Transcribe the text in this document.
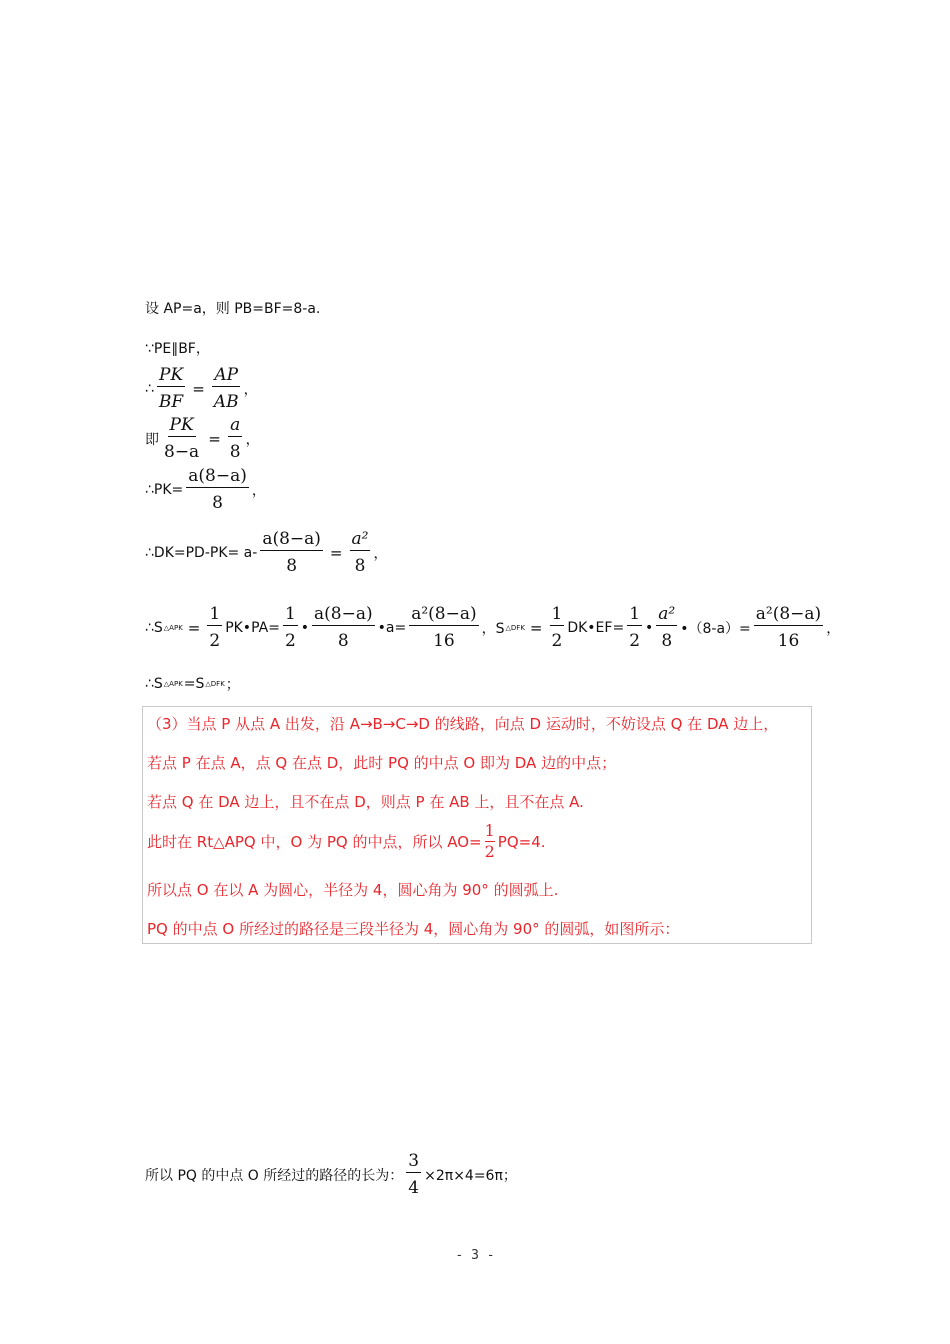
设 AP=a，则 PB=BF=8-a.
∵PE∥BF，
∴ $\frac{PK}{BF} = \frac{AP}{AB}$ ，
即 $\frac{PK}{8-a} = \frac{a}{8}$ ，
∴PK= $\frac{a(8-a)}{8}$ ，
∴DK=PD-PK= $a- \frac{a(8-a)}{8} = \frac{\text{a²}}{8}$ ，
∴S △APK = $\frac{1}{2}$ PK•PA= $\frac{1}{2}$ • $\frac{a(8-a)}{8}$ •a= $\frac{\text{a²(8−a)}}{16}$ ，S △DFK = $\frac{1}{2}$ DK•EF= $\frac{1}{2}$ • $\frac{\text{a²}}{8}$ •（8-a）= $\frac{\text{a²(8−a)}}{16}$ ，
∴S △APK =S △DFK ；
（3）当点 P 从点 A 出发，沿 A→B→C→D 的线路，向点 D 运动时，不妨设点 Q 在 DA 边上，
若点 P 在点 A，点 Q 在点 D，此时 PQ 的中点 O 即为 DA 边的中点；
若点 Q 在 DA 边上，且不在点 D，则点 P 在 AB 上，且不在点 A.
此时在 Rt△APQ 中，O 为 PQ 的中点，所以 $AO= \frac{1}{2} PQ=4$.
所以点 O 在以 A 为圆心，半径为 4，圆心角为 90° 的圆弧上.
PQ 的中点 O 所经过的路径是三段半径为 4，圆心角为 90° 的圆弧，如图所示：
所以 PQ 的中点 O 所经过的路径的长为： $\frac{3}{4} \times 2\pi\times 4=6\pi$；
- 3 -
